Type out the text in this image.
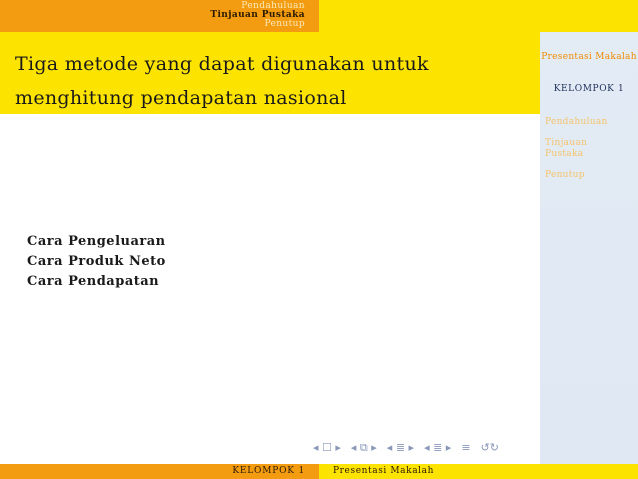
Pendahuluan
Tinjauan Pustaka
Penutup
Tiga metode yang dapat digunakan untuk menghitung pendapatan nasional
Presentasi Makalah
KELOMPOK 1
Pendahuluan
Tinjauan Pustaka
Penutup
Cara Pengeluaran
Cara Produk Neto
Cara Pendapatan
◂ ☐ ▸ ◂ ⧉ ▸ ◂ ≣ ▸ ◂ ≣ ▸ ≡ ↺↻
KELOMPOK 1	Presentasi Makalah
